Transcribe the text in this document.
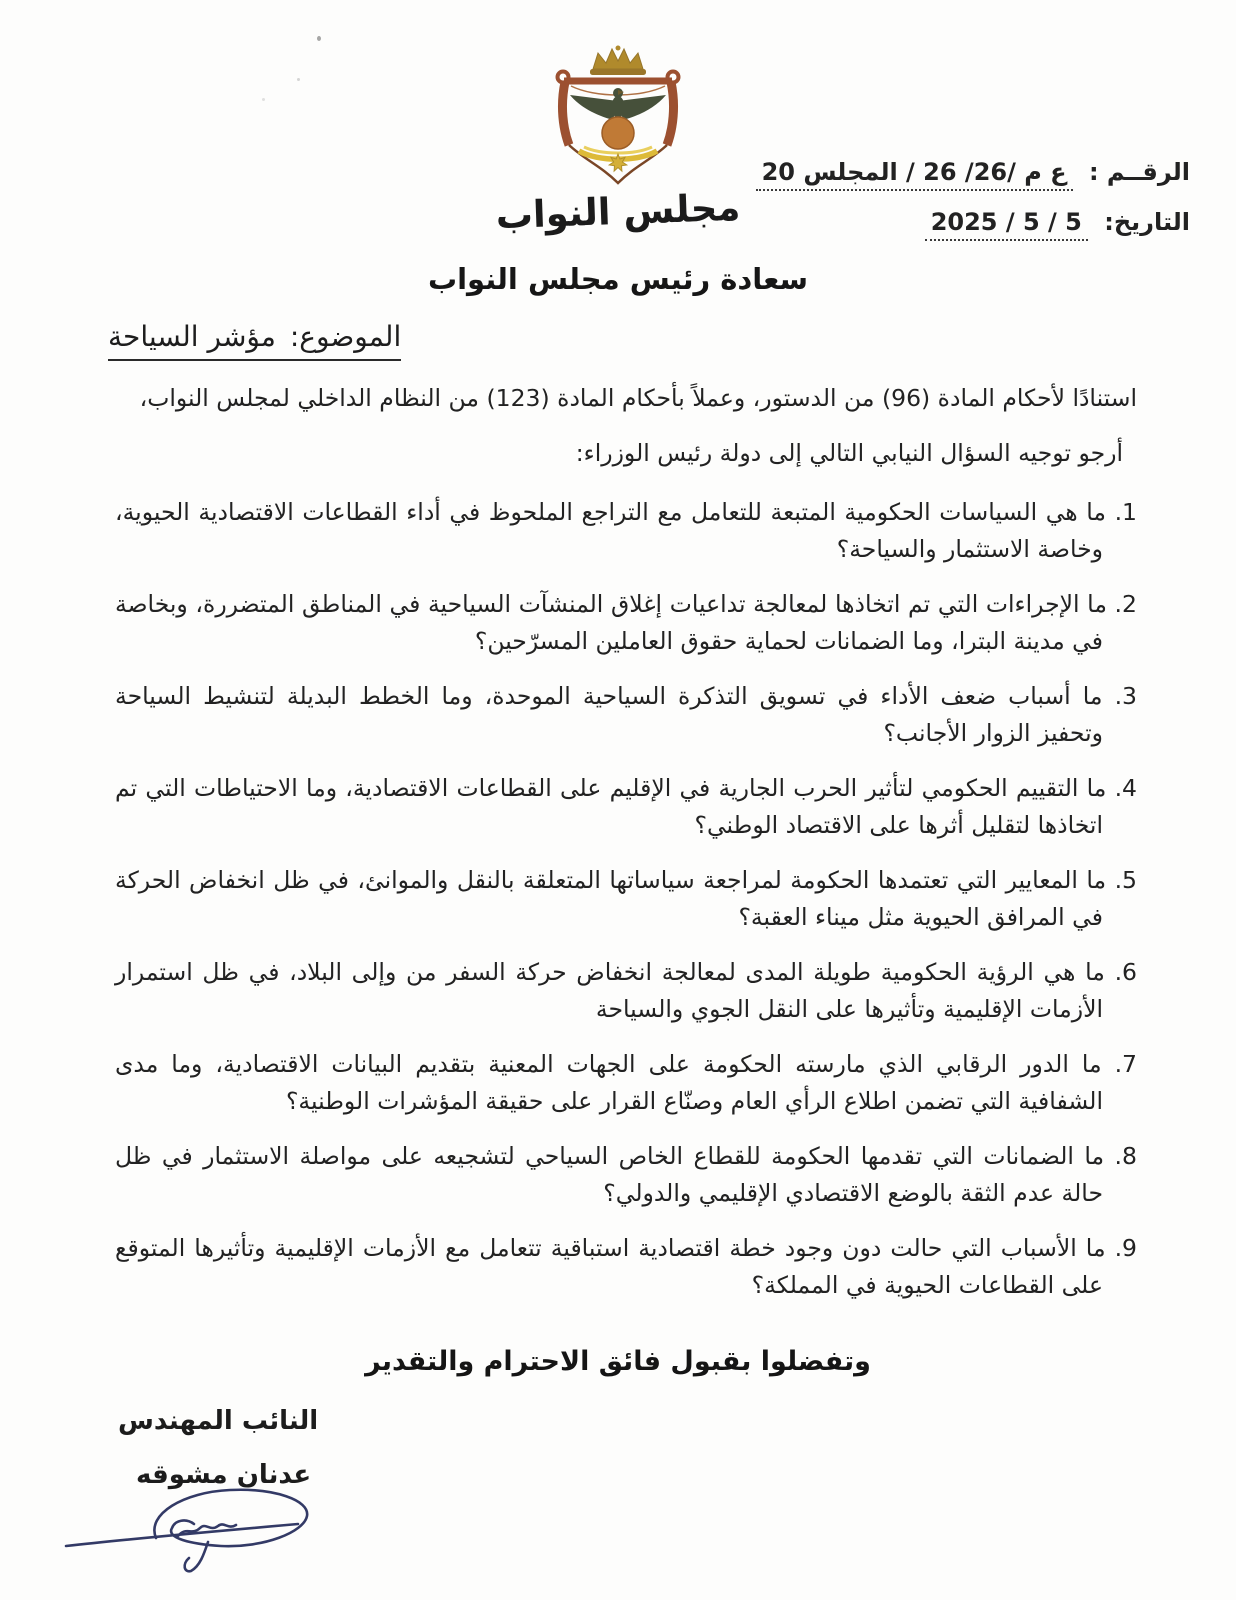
مجلس النواب
الرقــم : ع م /26/ 26 / المجلس 20
التاريخ: 5 / 5 / 2025
سعادة رئيس مجلس النواب
الموضوع:مؤشر السياحة

استنادًا لأحكام المادة (96) من الدستور، وعملاً بأحكام المادة (123) من النظام الداخلي لمجلس النواب،

أرجو توجيه السؤال النيابي التالي إلى دولة رئيس الوزراء:

1. ما هي السياسات الحكومية المتبعة للتعامل مع التراجع الملحوظ في أداء القطاعات الاقتصادية الحيوية، وخاصة الاستثمار والسياحة؟

2. ما الإجراءات التي تم اتخاذها لمعالجة تداعيات إغلاق المنشآت السياحية في المناطق المتضررة، وبخاصة في مدينة البترا، وما الضمانات لحماية حقوق العاملين المسرّحين؟

3. ما أسباب ضعف الأداء في تسويق التذكرة السياحية الموحدة، وما الخطط البديلة لتنشيط السياحة وتحفيز الزوار الأجانب؟

4. ما التقييم الحكومي لتأثير الحرب الجارية في الإقليم على القطاعات الاقتصادية، وما الاحتياطات التي تم اتخاذها لتقليل أثرها على الاقتصاد الوطني؟

5. ما المعايير التي تعتمدها الحكومة لمراجعة سياساتها المتعلقة بالنقل والموانئ، في ظل انخفاض الحركة في المرافق الحيوية مثل ميناء العقبة؟

6. ما هي الرؤية الحكومية طويلة المدى لمعالجة انخفاض حركة السفر من وإلى البلاد، في ظل استمرار الأزمات الإقليمية وتأثيرها على النقل الجوي والسياحة

7. ما الدور الرقابي الذي مارسته الحكومة على الجهات المعنية بتقديم البيانات الاقتصادية، وما مدى الشفافية التي تضمن اطلاع الرأي العام وصنّاع القرار على حقيقة المؤشرات الوطنية؟

8. ما الضمانات التي تقدمها الحكومة للقطاع الخاص السياحي لتشجيعه على مواصلة الاستثمار في ظل حالة عدم الثقة بالوضع الاقتصادي الإقليمي والدولي؟

9. ما الأسباب التي حالت دون وجود خطة اقتصادية استباقية تتعامل مع الأزمات الإقليمية وتأثيرها المتوقع على القطاعات الحيوية في المملكة؟

وتفضلوا بقبول فائق الاحترام والتقدير
النائب المهندس
عدنان مشوقه
